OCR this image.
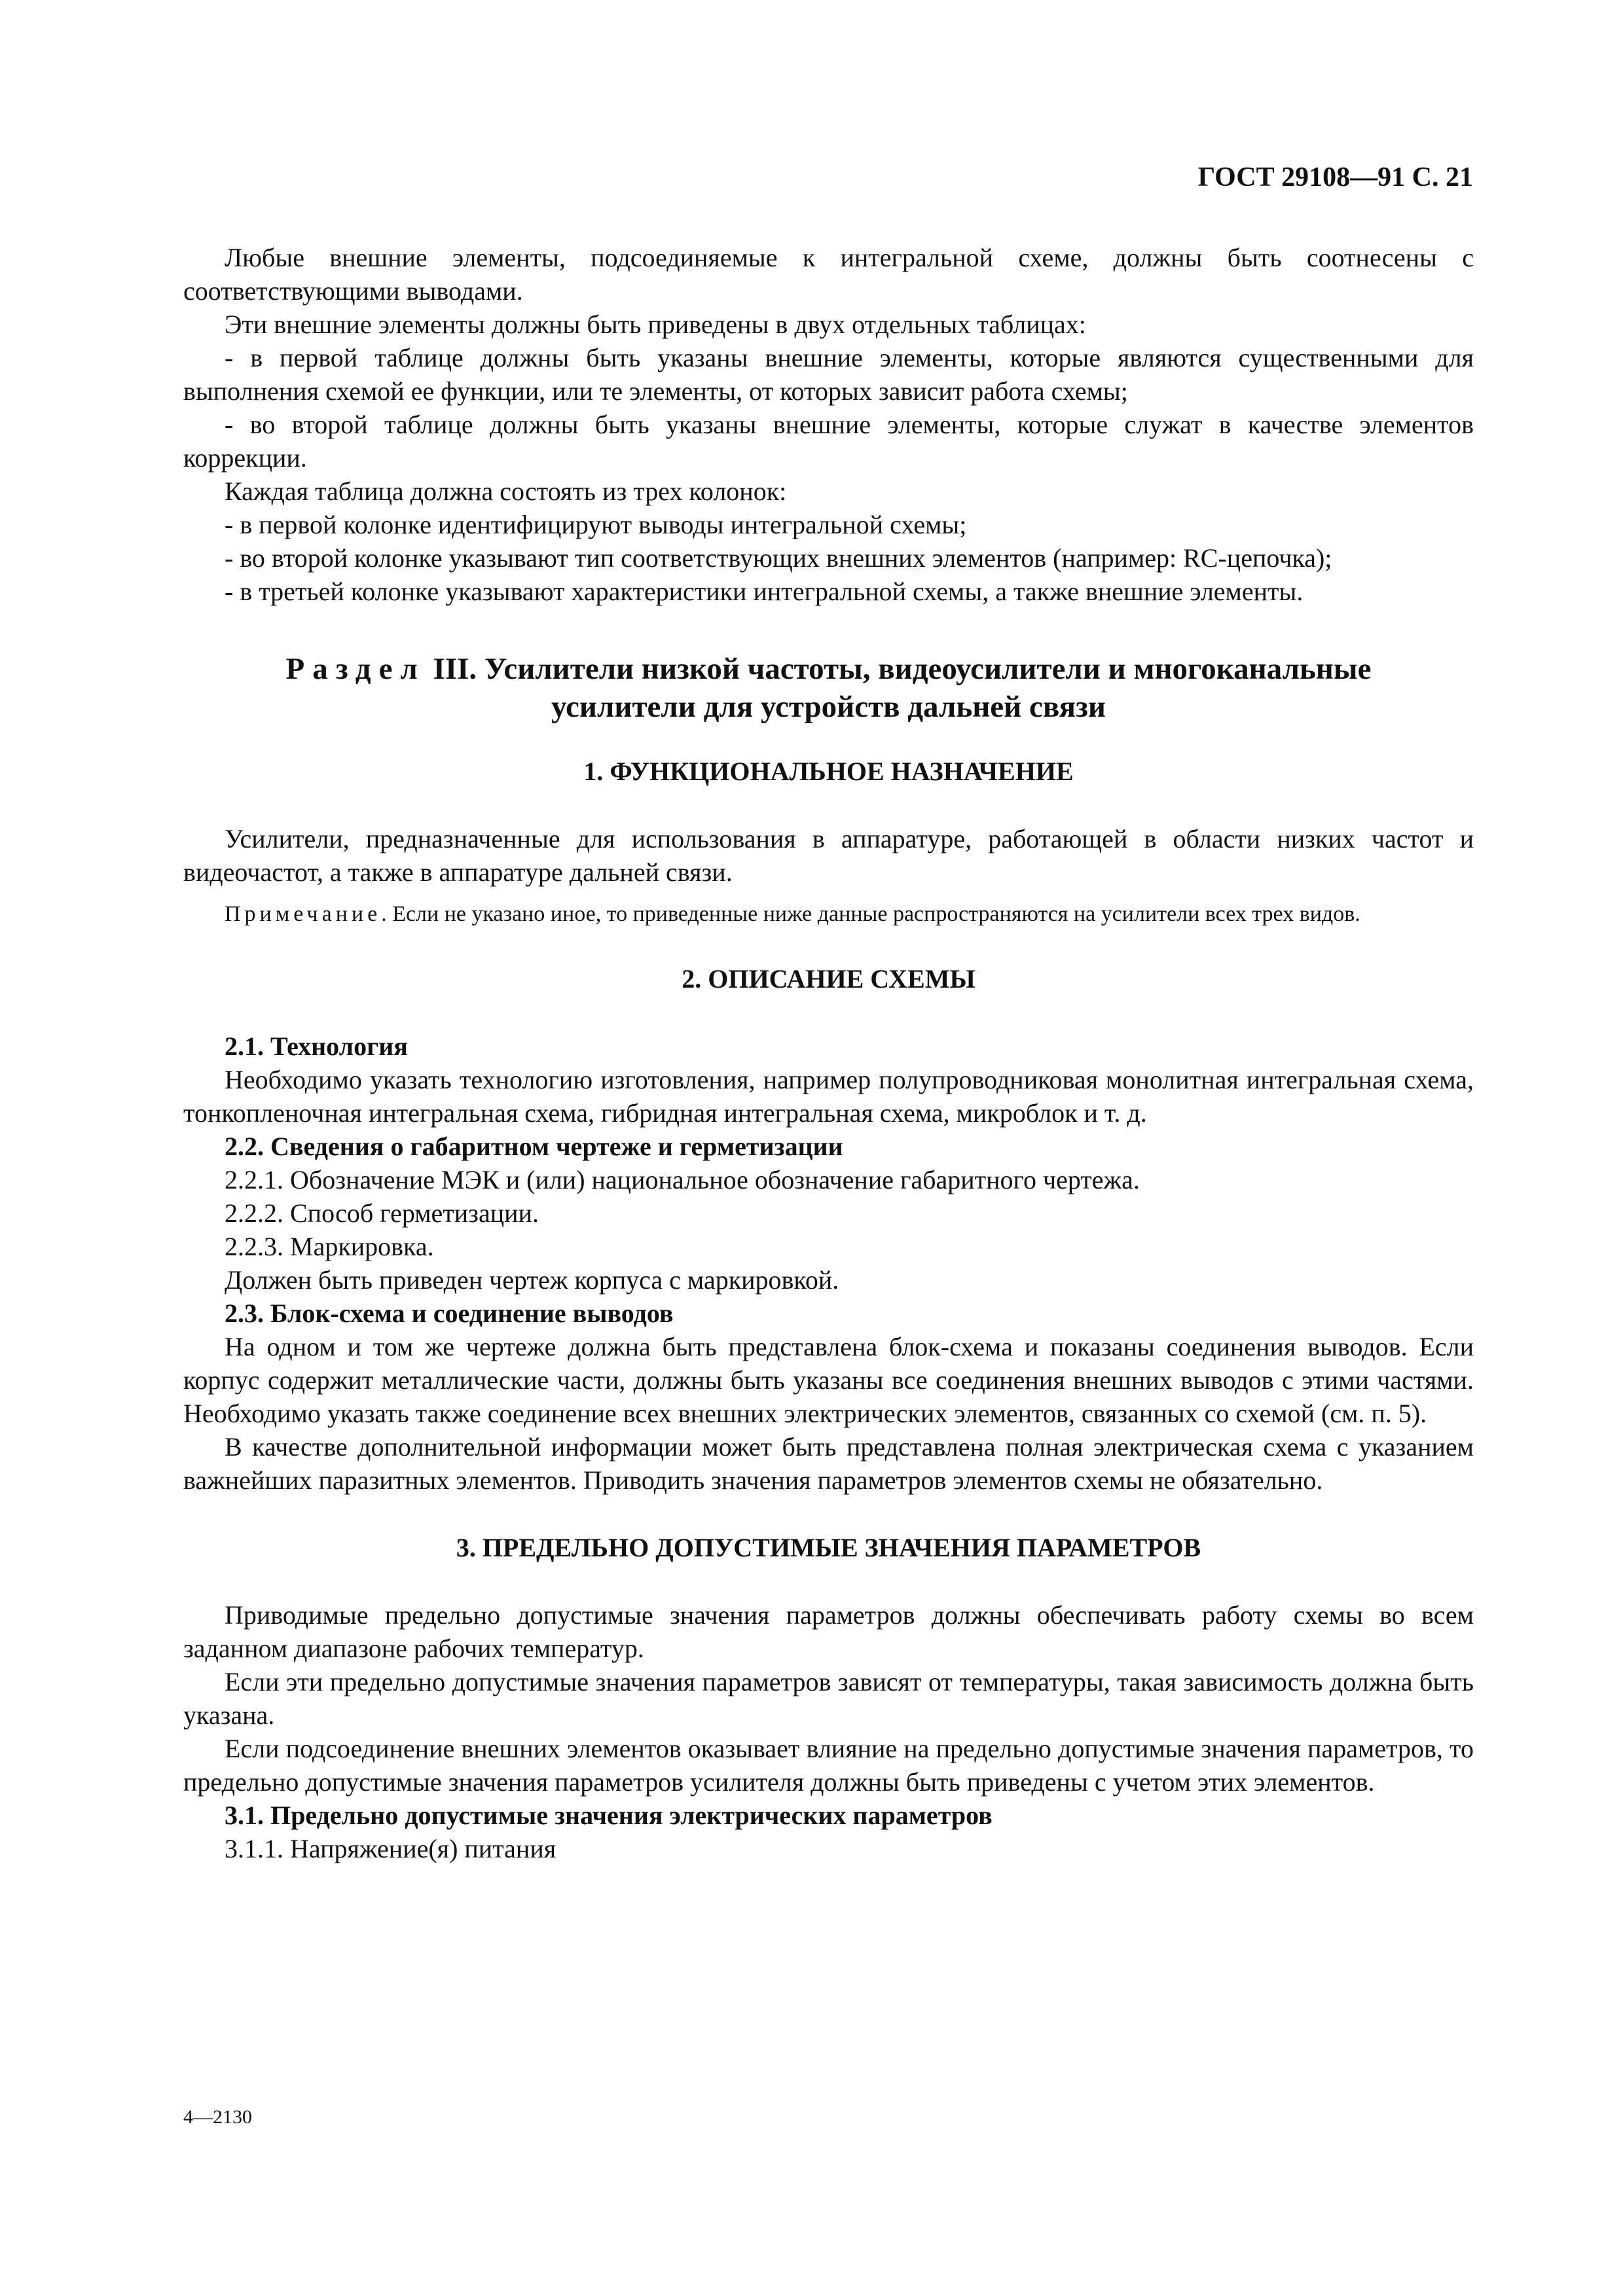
ГОСТ 29108—91 С. 21

Любые внешние элементы, подсоединяемые к интегральной схеме, должны быть соотнесены с соответствующими выводами.

Эти внешние элементы должны быть приведены в двух отдельных таблицах:

- в первой таблице должны быть указаны внешние элементы, которые являются существенными для выполнения схемой ее функции, или те элементы, от которых зависит работа схемы;

- во второй таблице должны быть указаны внешние элементы, которые служат в качестве элементов коррекции.

Каждая таблица должна состоять из трех колонок:

- в первой колонке идентифицируют выводы интегральной схемы;

- во второй колонке указывают тип соответствующих внешних элементов (например: RC-цепочка);

- в третьей колонке указывают характеристики интегральной схемы, а также внешние элементы.

Раздел III. Усилители низкой частоты, видеоусилители и многоканальные
усилители для устройств дальней связи
1. ФУНКЦИОНАЛЬНОЕ НАЗНАЧЕНИЕ

Усилители, предназначенные для использования в аппаратуре, работающей в области низких частот и видеочастот, а также в аппаратуре дальней связи.

Примечание. Если не указано иное, то приведенные ниже данные распространяются на усилители всех трех видов.

2. ОПИСАНИЕ СХЕМЫ

2.1. Технология

Необходимо указать технологию изготовления, например полупроводниковая монолитная интегральная схема, тонкопленочная интегральная схема, гибридная интегральная схема, микроблок и т. д.

2.2. Сведения о габаритном чертеже и герметизации

2.2.1. Обозначение МЭК и (или) национальное обозначение габаритного чертежа.

2.2.2. Способ герметизации.

2.2.3. Маркировка.

Должен быть приведен чертеж корпуса с маркировкой.

2.3. Блок-схема и соединение выводов

На одном и том же чертеже должна быть представлена блок-схема и показаны соединения выводов. Если корпус содержит металлические части, должны быть указаны все соединения внешних выводов с этими частями. Необходимо указать также соединение всех внешних электрических элементов, связанных со схемой (см. п. 5).

В качестве дополнительной информации может быть представлена полная электрическая схема с указанием важнейших паразитных элементов. Приводить значения параметров элементов схемы не обязательно.

3. ПРЕДЕЛЬНО ДОПУСТИМЫЕ ЗНАЧЕНИЯ ПАРАМЕТРОВ

Приводимые предельно допустимые значения параметров должны обеспечивать работу схемы во всем заданном диапазоне рабочих температур.

Если эти предельно допустимые значения параметров зависят от температуры, такая зависимость должна быть указана.

Если подсоединение внешних элементов оказывает влияние на предельно допустимые значения параметров, то предельно допустимые значения параметров усилителя должны быть приведены с учетом этих элементов.

3.1. Предельно допустимые значения электрических параметров

3.1.1. Напряжение(я) питания

4—2130
